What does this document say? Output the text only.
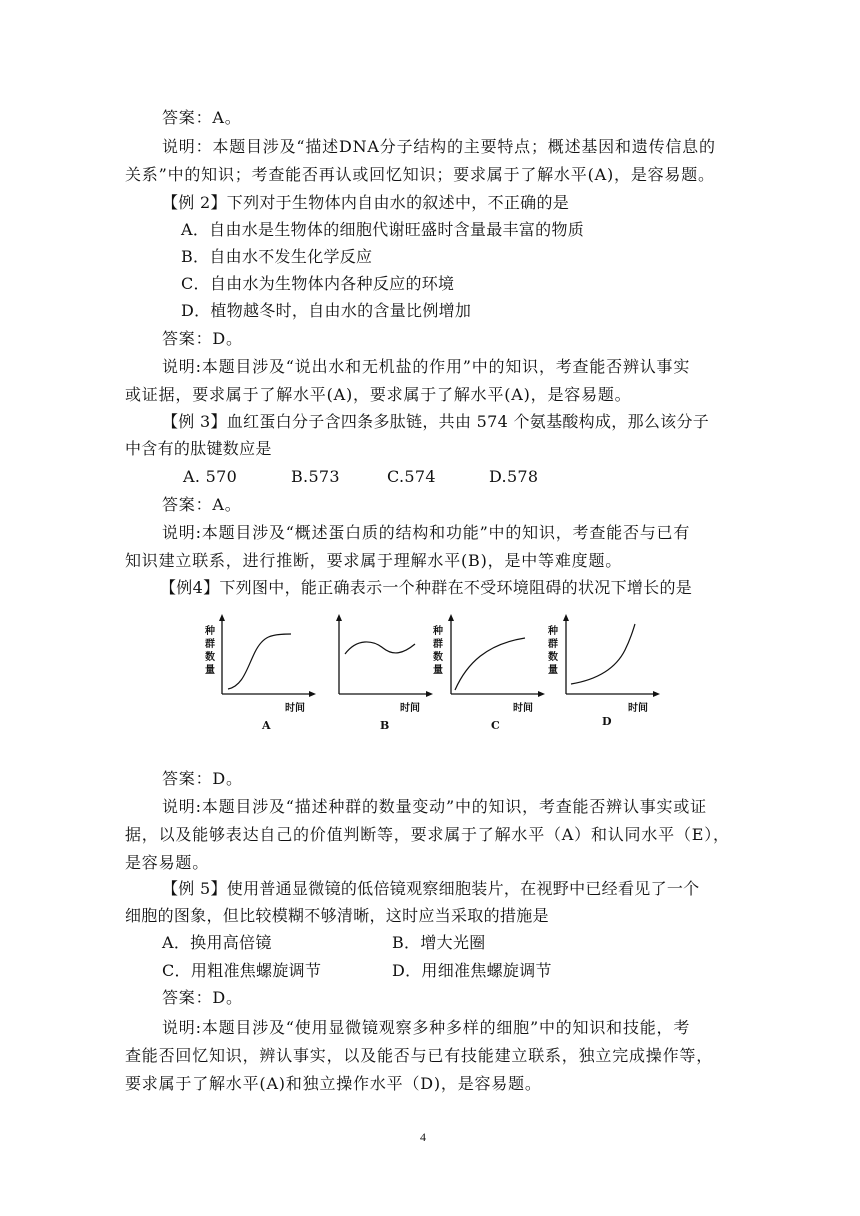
答案：A。
说明：本题目涉及“描述DNA分子结构的主要特点；概述基因和遗传信息的
关系”中的知识；考查能否再认或回忆知识；要求属于了解水平(A)，是容易题。
【例 2】下列对于生物体内自由水的叙述中，不正确的是
A．自由水是生物体的细胞代谢旺盛时含量最丰富的物质
B．自由水不发生化学反应
C．自由水为生物体内各种反应的环境
D．植物越冬时，自由水的含量比例增加
答案：D。
说明:本题目涉及“说出水和无机盐的作用”中的知识，考查能否辨认事实
或证据，要求属于了解水平(A)，要求属于了解水平(A)，是容易题。
【例 3】血红蛋白分子含四条多肽链，共由 574 个氨基酸构成，那么该分子
中含有的肽键数应是
A. 570	B.573	C.574	D.578
答案：A。
说明:本题目涉及“概述蛋白质的结构和功能”中的知识，考查能否与已有
知识建立联系，进行推断，要求属于理解水平(B)，是中等难度题。
【例4】下列图中，能正确表示一个种群在不受环境阻碍的状况下增长的是
种
群
数
量
时间
A
时间
B
种
群
数
量
时间
C
种
群
数
量
时间
D
答案：D。
说明:本题目涉及“描述种群的数量变动”中的知识，考查能否辨认事实或证
据，以及能够表达自己的价值判断等，要求属于了解水平（A）和认同水平（E），
是容易题。
【例 5】使用普通显微镜的低倍镜观察细胞装片，在视野中已经看见了一个
细胞的图象，但比较模糊不够清晰，这时应当采取的措施是
A．换用高倍镜	B．增大光圈
C．用粗准焦螺旋调节	D．用细准焦螺旋调节
答案：D。
说明:本题目涉及“使用显微镜观察多种多样的细胞”中的知识和技能，考
查能否回忆知识，辨认事实，以及能否与已有技能建立联系，独立完成操作等，
要求属于了解水平(A)和独立操作水平（D)，是容易题。
4
